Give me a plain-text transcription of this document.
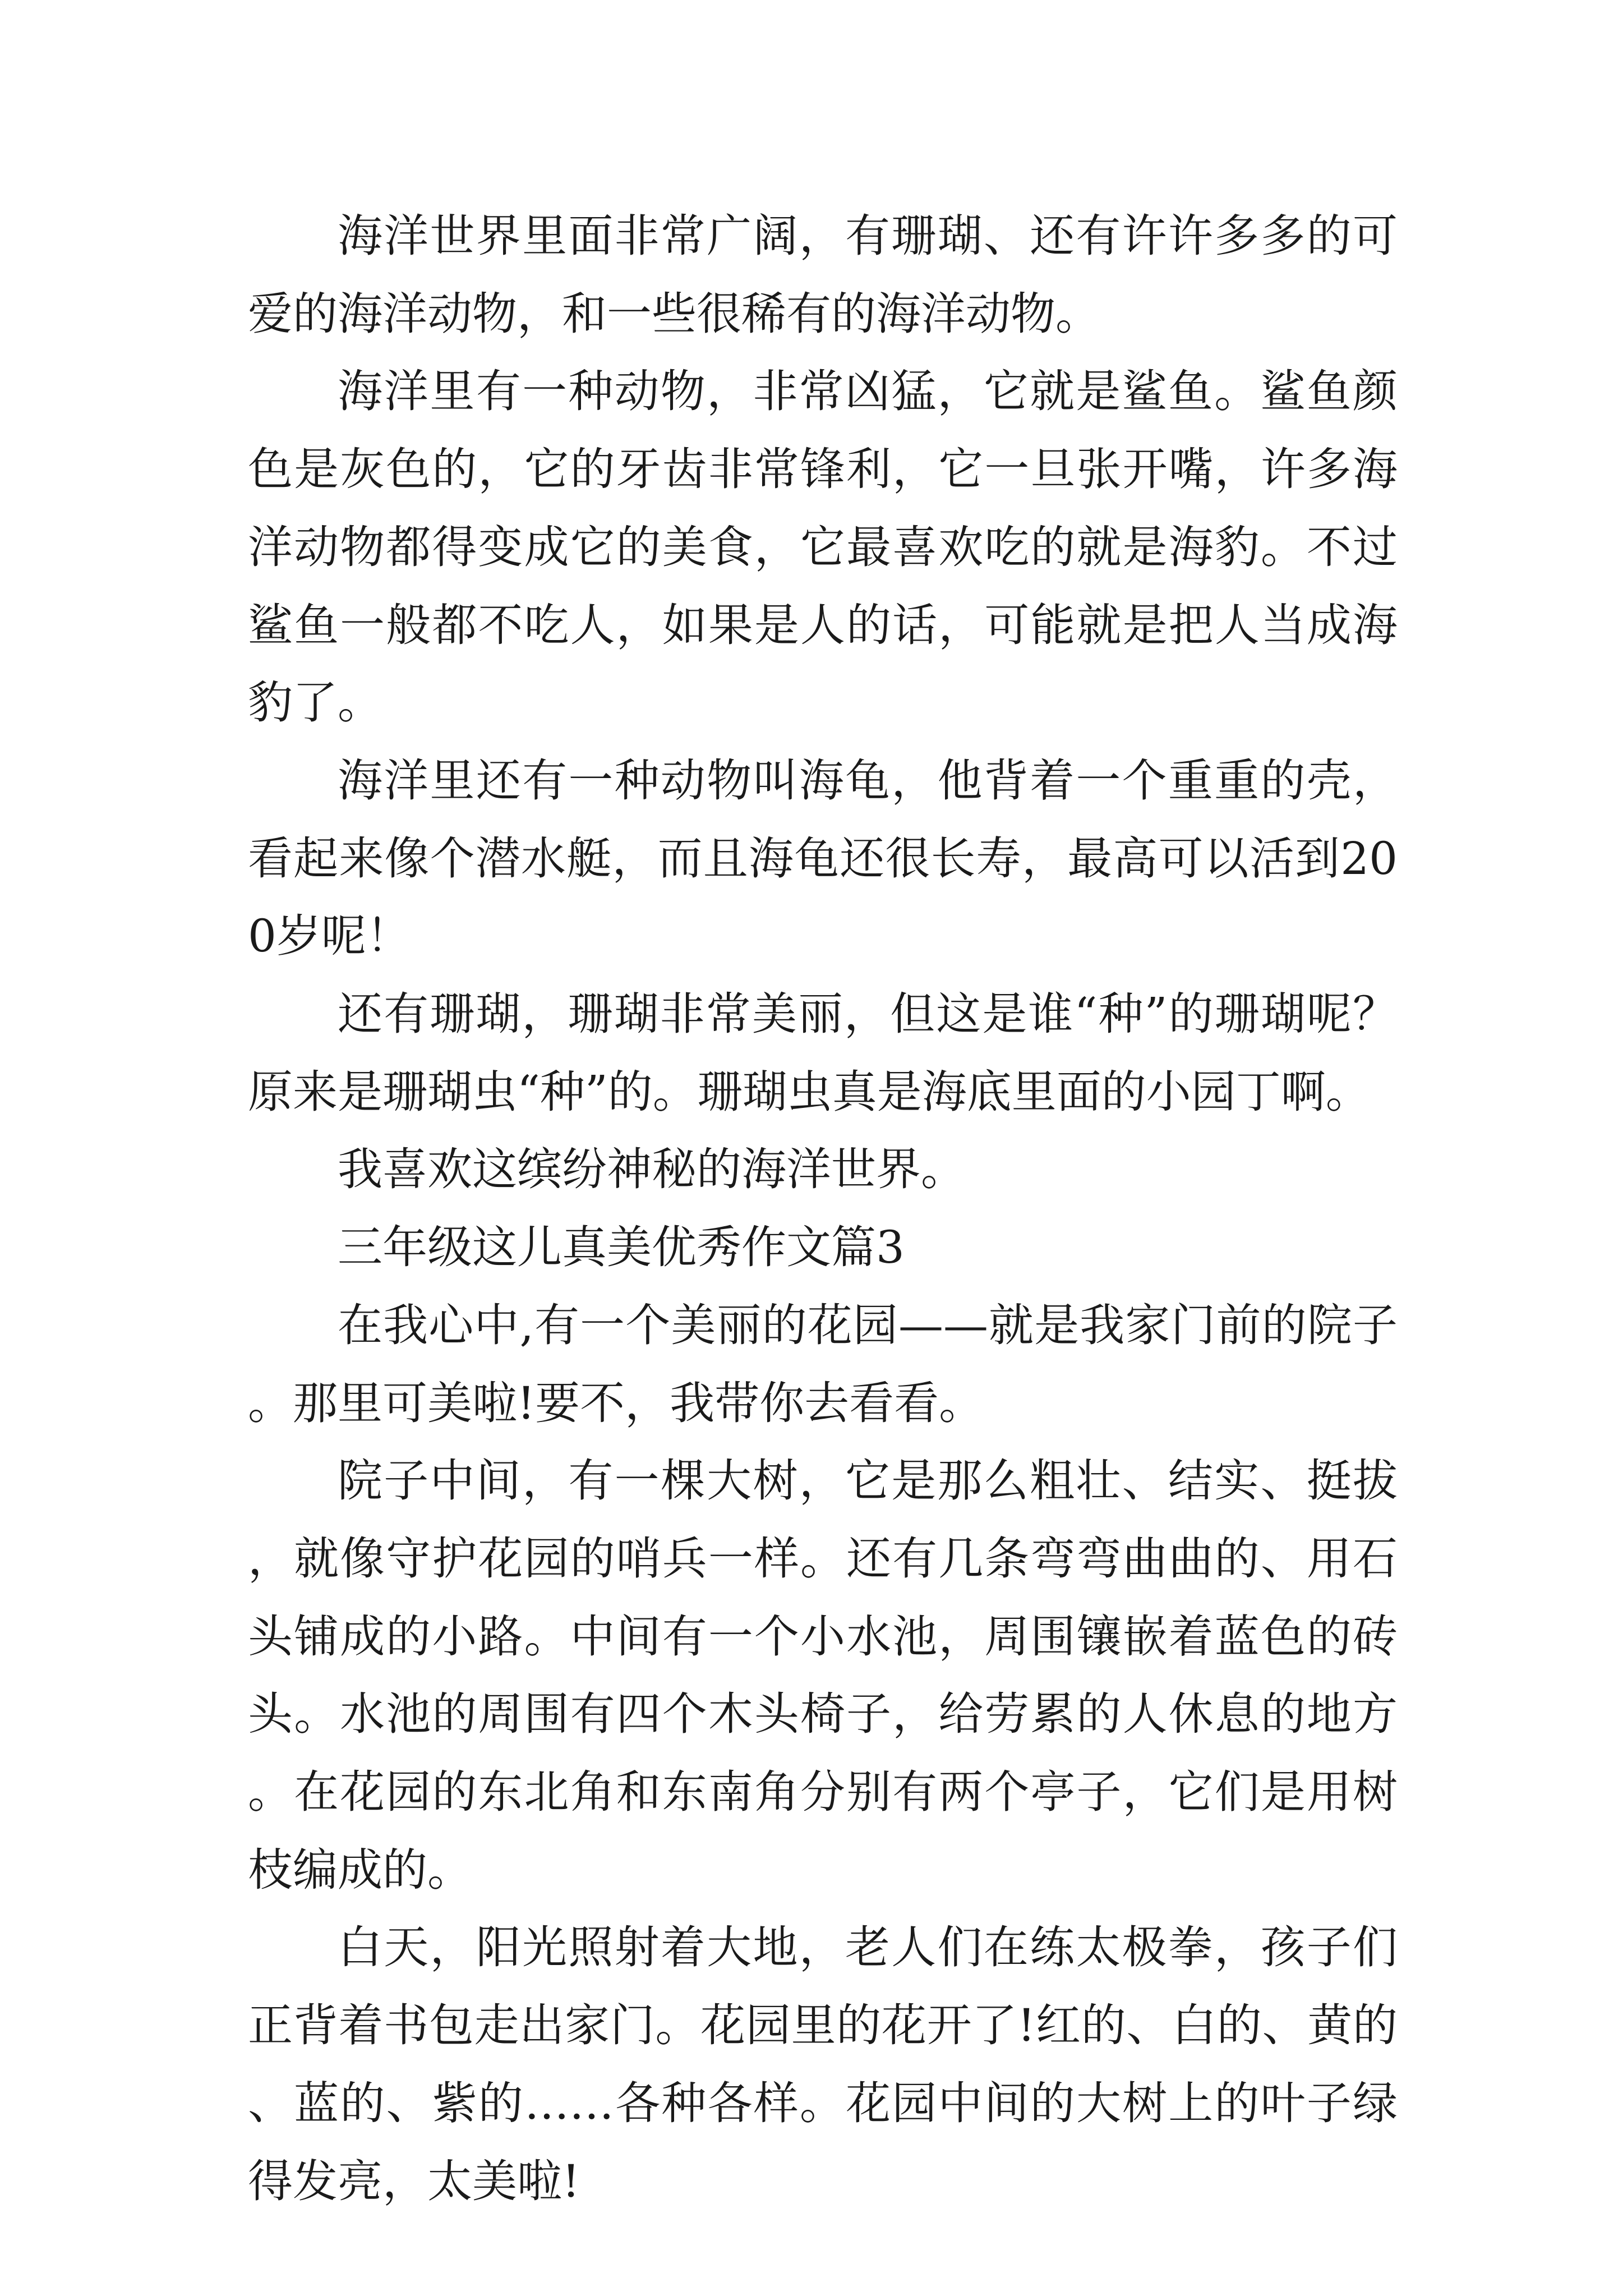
海洋世界里面非常广阔，有珊瑚、还有许许多多的可爱的海洋动物，和一些很稀有的海洋动物。

海洋里有一种动物，非常凶猛，它就是鲨鱼。鲨鱼颜色是灰色的，它的牙齿非常锋利，它一旦张开嘴，许多海洋动物都得变成它的美食，它最喜欢吃的就是海豹。不过鲨鱼一般都不吃人，如果是人的话，可能就是把人当成海豹了。

海洋里还有一种动物叫海龟，他背着一个重重的壳，看起来像个潜水艇，而且海龟还很长寿，最高可以活到200岁呢！

还有珊瑚，珊瑚非常美丽，但这是谁“种”的珊瑚呢？原来是珊瑚虫“种”的。珊瑚虫真是海底里面的小园丁啊。

我喜欢这缤纷神秘的海洋世界。

三年级这儿真美优秀作文篇3

在我心中,有一个美丽的花园——就是我家门前的院子。那里可美啦!要不，我带你去看看。

院子中间，有一棵大树，它是那么粗壮、结实、挺拔，就像守护花园的哨兵一样。还有几条弯弯曲曲的、用石头铺成的小路。中间有一个小水池，周围镶嵌着蓝色的砖头。水池的周围有四个木头椅子，给劳累的人休息的地方。在花园的东北角和东南角分别有两个亭子，它们是用树枝编成的。

白天，阳光照射着大地，老人们在练太极拳，孩子们正背着书包走出家门。花园里的花开了!红的、白的、黄的、蓝的、紫的……各种各样。花园中间的大树上的叶子绿得发亮，太美啦!
